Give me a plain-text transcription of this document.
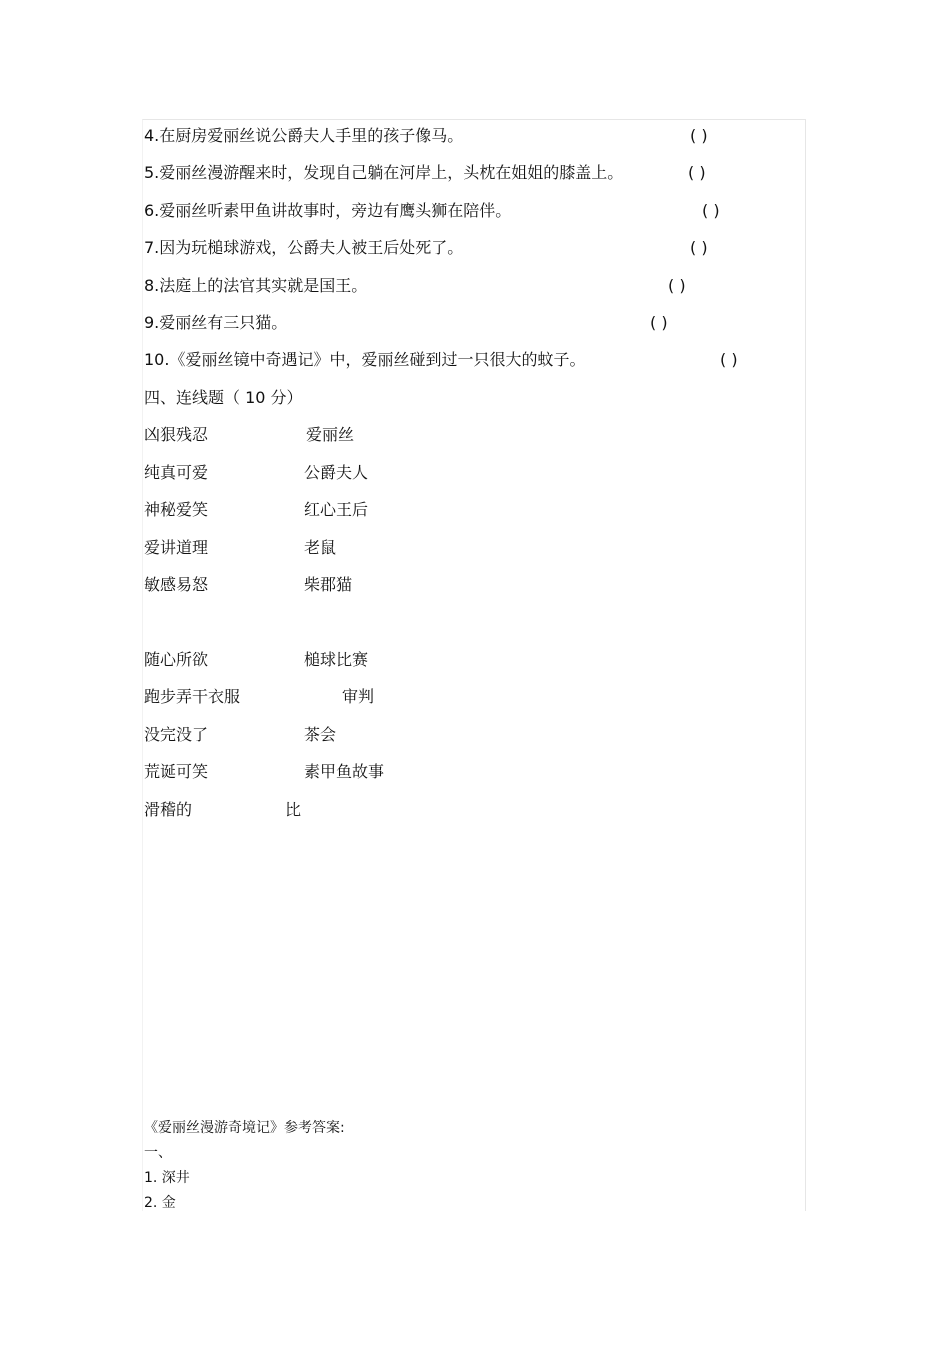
4.在厨房爱丽丝说公爵夫人手里的孩子像马。	( )
5.爱丽丝漫游醒来时，发现自己躺在河岸上，头枕在姐姐的膝盖上。	( )
6.爱丽丝听素甲鱼讲故事时，旁边有鹰头狮在陪伴。	( )
7.因为玩槌球游戏，公爵夫人被王后处死了。	( )
8.法庭上的法官其实就是国王。	( )
9.爱丽丝有三只猫。	( )
10.《爱丽丝镜中奇遇记》中，爱丽丝碰到过一只很大的蚊子。	( )
四、连线题（ 10 分）
凶狠残忍	爱丽丝
纯真可爱	公爵夫人
神秘爱笑	红心王后
爱讲道理	老鼠
敏感易怒	柴郡猫
随心所欲	槌球比赛
跑步弄干衣服	审判
没完没了	茶会
荒诞可笑	素甲鱼故事
滑稽的	比
《爱丽丝漫游奇境记》参考答案:
一、
1. 深井
2. 金
